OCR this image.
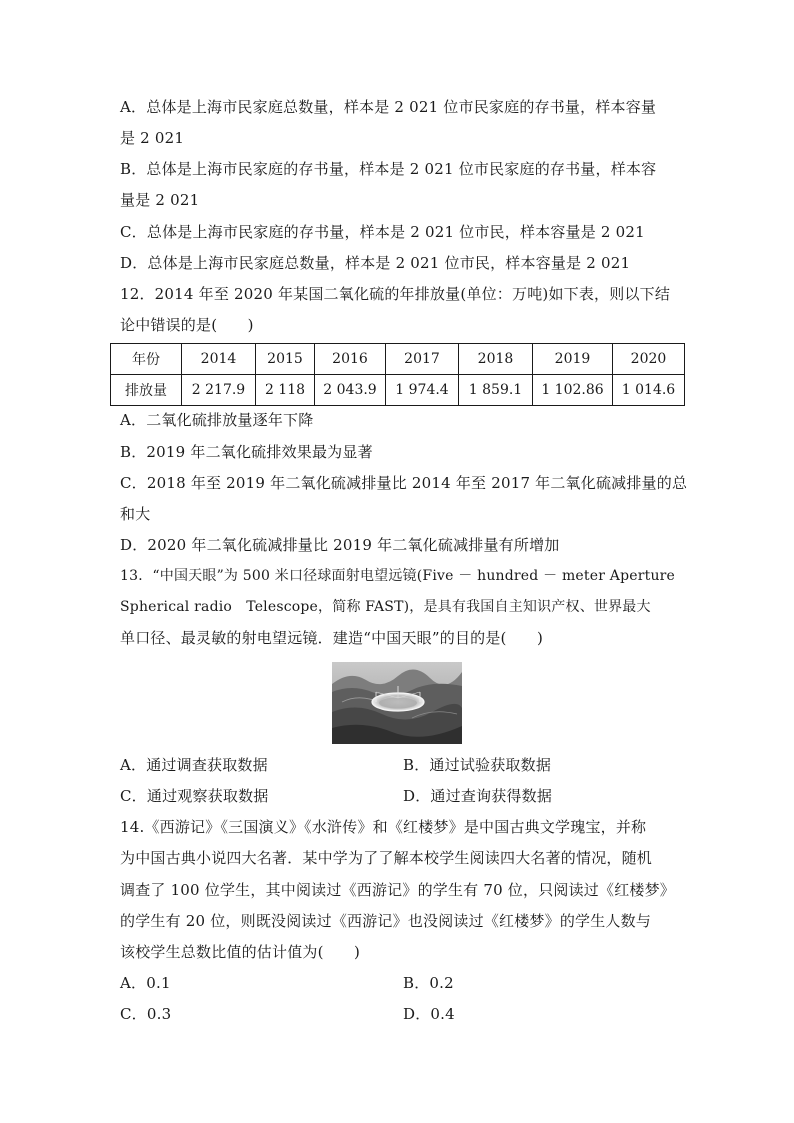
A．总体是上海市民家庭总数量，样本是 2 021 位市民家庭的存书量，样本容量
是 2 021
B．总体是上海市民家庭的存书量，样本是 2 021 位市民家庭的存书量，样本容
量是 2 021
C．总体是上海市民家庭的存书量，样本是 2 021 位市民，样本容量是 2 021
D．总体是上海市民家庭总数量，样本是 2 021 位市民，样本容量是 2 021
12．2014 年至 2020 年某国二氧化硫的年排放量(单位：万吨)如下表，则以下结
论中错误的是(　　)
年份	2014	2015	2016	2017	2018	2019	2020
排放量	2 217.9	2 118	2 043.9	1 974.4	1 859.1	1 102.86	1 014.6
A．二氧化硫排放量逐年下降
B．2019 年二氧化硫排效果最为显著
C．2018 年至 2019 年二氧化硫减排量比 2014 年至 2017 年二氧化硫减排量的总
和大
D．2020 年二氧化硫减排量比 2019 年二氧化硫减排量有所增加
13．“中国天眼”为 500 米口径球面射电望远镜(Five － hundred － meter Aperture
Spherical radio　Telescope，简称 FAST)，是具有我国自主知识产权、世界最大
单口径、最灵敏的射电望远镜．建造“中国天眼”的目的是(　　)
A．通过调查获取数据	B．通过试验获取数据
C．通过观察获取数据	D．通过查询获得数据
14.《西游记》《三国演义》《水浒传》和《红楼梦》是中国古典文学瑰宝，并称
为中国古典小说四大名著．某中学为了了解本校学生阅读四大名著的情况，随机
调查了 100 位学生，其中阅读过《西游记》的学生有 70 位，只阅读过《红楼梦》
的学生有 20 位，则既没阅读过《西游记》也没阅读过《红楼梦》的学生人数与
该校学生总数比值的估计值为(　　)
A．0.1	B．0.2
C．0.3	D．0.4
